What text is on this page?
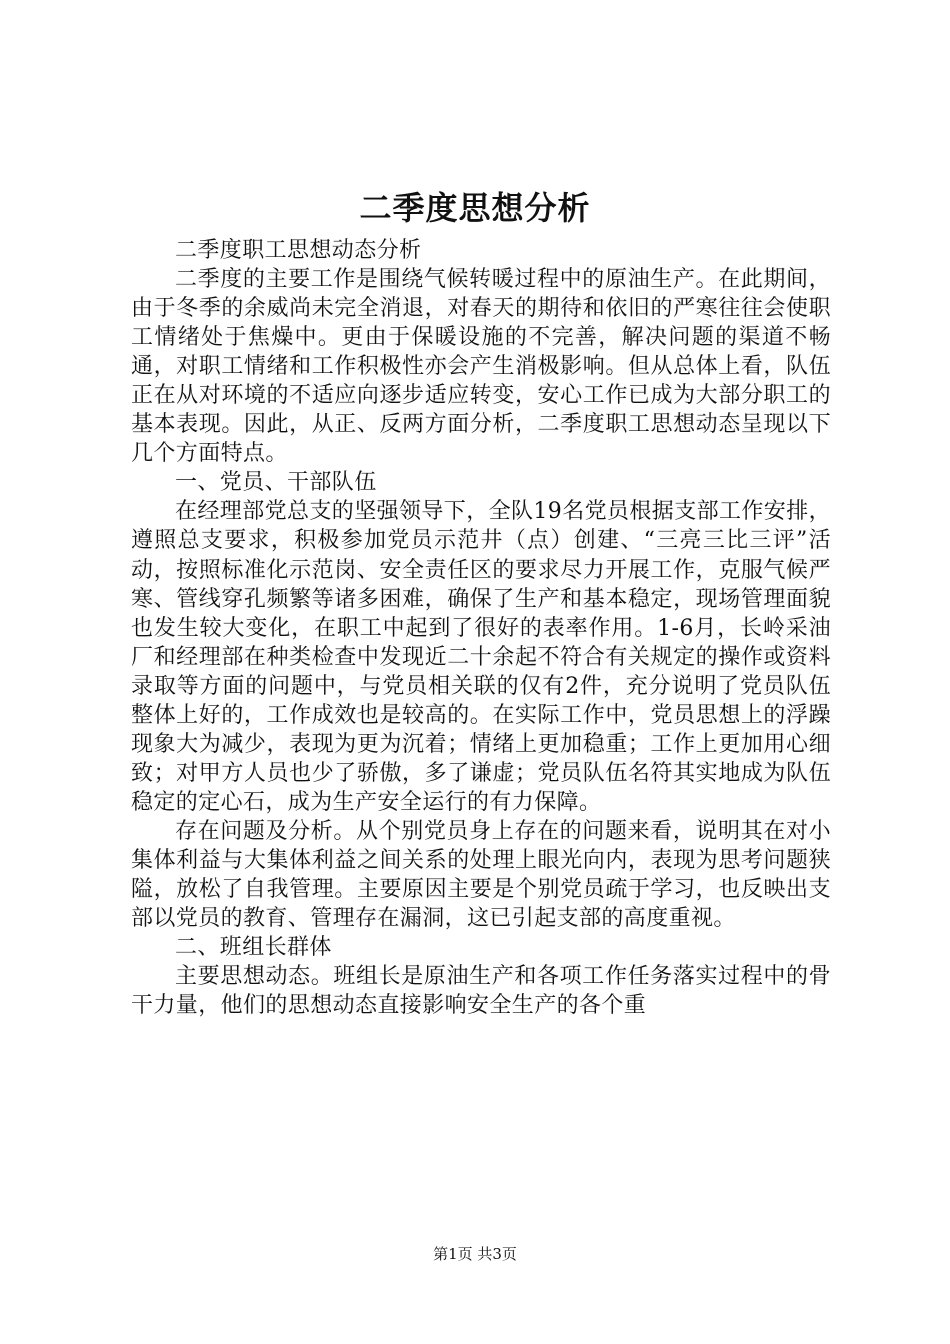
二季度思想分析

二季度职工思想动态分析

二季度的主要工作是围绕气候转暖过程中的原油生产。在此期间，由于冬季的余威尚未完全消退，对春天的期待和依旧的严寒往往会使职工情绪处于焦燥中。更由于保暖设施的不完善，解决问题的渠道不畅通，对职工情绪和工作积极性亦会产生消极影响。但从总体上看，队伍正在从对环境的不适应向逐步适应转变，安心工作已成为大部分职工的基本表现。因此，从正、反两方面分析，二季度职工思想动态呈现以下几个方面特点。

一、党员、干部队伍

在经理部党总支的坚强领导下，全队19名党员根据支部工作安排，遵照总支要求，积极参加党员示范井（点）创建、“三亮三比三评”活动，按照标准化示范岗、安全责任区的要求尽力开展工作，克服气候严寒、管线穿孔频繁等诸多困难，确保了生产和基本稳定，现场管理面貌也发生较大变化，在职工中起到了很好的表率作用。1-6月，长岭采油厂和经理部在种类检查中发现近二十余起不符合有关规定的操作或资料录取等方面的问题中，与党员相关联的仅有2件，充分说明了党员队伍整体上好的，工作成效也是较高的。在实际工作中，党员思想上的浮躁现象大为减少，表现为更为沉着；情绪上更加稳重；工作上更加用心细致；对甲方人员也少了骄傲，多了谦虚；党员队伍名符其实地成为队伍稳定的定心石，成为生产安全运行的有力保障。

存在问题及分析。从个别党员身上存在的问题来看，说明其在对小集体利益与大集体利益之间关系的处理上眼光向内，表现为思考问题狭隘，放松了自我管理。主要原因主要是个别党员疏于学习，也反映出支部以党员的教育、管理存在漏洞，这已引起支部的高度重视。

二、班组长群体

主要思想动态。班组长是原油生产和各项工作任务落实过程中的骨干力量，他们的思想动态直接影响安全生产的各个重

第1页 共3页
